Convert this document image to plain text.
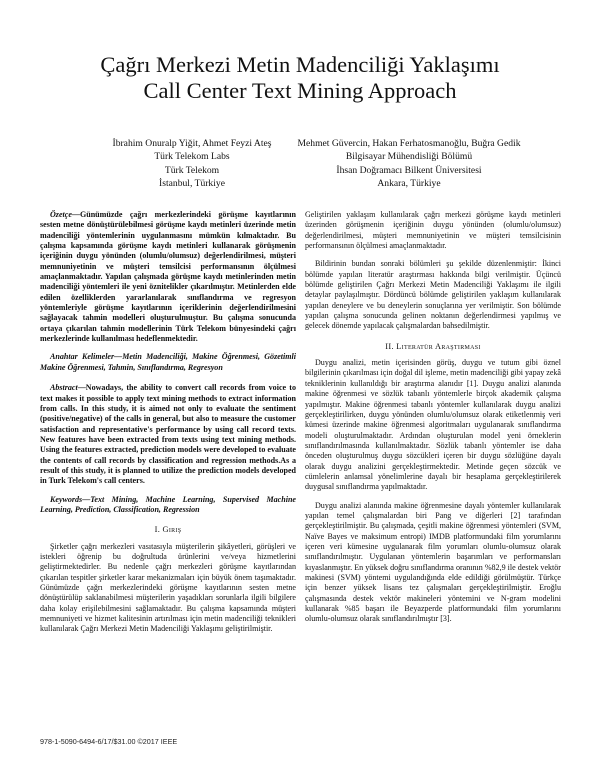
Çağrı Merkezi Metin Madenciliği Yaklaşımı
Call Center Text Mining Approach
İbrahim Onuralp Yiğit, Ahmet Feyzi Ateş
Türk Telekom Labs
Türk Telekom
İstanbul, Türkiye
Mehmet Güvercin, Hakan Ferhatosmanoğlu, Buğra Gedik
Bilgisayar Mühendisliği Bölümü
İhsan Doğramacı Bilkent Üniversitesi
Ankara, Türkiye

Özetçe—Günümüzde çağrı merkezlerindeki görüşme kayıtlarının sesten metne dönüştürülebilmesi görüşme kaydı metinleri üzerinde metin madenciliği yöntemlerinin uygulanmasını mümkün kılmaktadır. Bu çalışma kapsamında görüşme kaydı metinleri kullanarak görüşmenin içeriğinin duygu yönünden (olumlu/olumsuz) değerlendirilmesi, müşteri memnuniyetinin ve müşteri temsilcisi performansının ölçülmesi amaçlanmaktadır. Yapılan çalışmada görüşme kaydı metinlerinden metin madenciliği yöntemleri ile yeni öznitelikler çıkarılmıştır. Metinlerden elde edilen özelliklerden yararlanılarak sınıflandırma ve regresyon yöntemleriyle görüşme kayıtlarının içeriklerinin değerlendirilmesini sağlayacak tahmin modelleri oluşturulmuştur. Bu çalışma sonucunda ortaya çıkarılan tahmin modellerinin Türk Telekom bünyesindeki çağrı merkezlerinde kullanılması hedeflenmektedir.

Anahtar Kelimeler—Metin Madenciliği, Makine Öğrenmesi, Gözetimli Makine Öğrenmesi, Tahmin, Sınıflandırma, Regresyon

Abstract—Nowadays, the ability to convert call records from voice to text makes it possible to apply text mining methods to extract information from calls. In this study, it is aimed not only to evaluate the sentiment (positive/negative) of the calls in general, but also to measure the customer satisfaction and representative's performance by using call record texts. New features have been extracted from texts using text mining methods. Using the features extracted, prediction models were developed to evaluate the contents of call records by classification and regression methods.As a result of this study, it is planned to utilize the prediction models developed in Turk Telekom's call centers.

Keywords—Text Mining, Machine Learning, Supervised Machine Learning, Prediction, Classification, Regression

I. Giriş

Şirketler çağrı merkezleri vasıtasıyla müşterilerin şikâyetleri, görüşleri ve istekleri öğrenip bu doğrultuda ürünlerini ve/veya hizmetlerini geliştirmektedirler. Bu nedenle çağrı merkezleri görüşme kayıtlarından çıkarılan tespitler şirketler karar mekanizmaları için büyük önem taşımaktadır. Günümüzde çağrı merkezlerindeki görüşme kayıtlarının sesten metne dönüştürülüp saklanabilmesi müşterilerin yaşadıkları sorunlarla ilgili bilgilere daha kolay erişilebilmesini sağlamaktadır. Bu çalışma kapsamında müşteri memnuniyeti ve hizmet kalitesinin artırılması için metin madenciliği teknikleri kullanılarak Çağrı Merkezi Metin Madenciliği Yaklaşımı geliştirilmiştir.

Geliştirilen yaklaşım kullanılarak çağrı merkezi görüşme kaydı metinleri üzerinden görüşmenin içeriğinin duygu yönünden (olumlu/olumsuz) değerlendirilmesi, müşteri memnuniyetinin ve müşteri temsilcisinin performansının ölçülmesi amaçlanmaktadır.

Bildirinin bundan sonraki bölümleri şu şekilde düzenlenmiştir: İkinci bölümde yapılan literatür araştırması hakkında bilgi verilmiştir. Üçüncü bölümde geliştirilen Çağrı Merkezi Metin Madenciliği Yaklaşımı ile ilgili detaylar paylaşılmıştır. Dördüncü bölümde geliştirilen yaklaşım kullanılarak yapılan deneylere ve bu deneylerin sonuçlarına yer verilmiştir. Son bölümde yapılan çalışma sonucunda gelinen noktanın değerlendirmesi yapılmış ve gelecek dönemde yapılacak çalışmalardan bahsedilmiştir.

II. Literatür Araştırması

Duygu analizi, metin içerisinden görüş, duygu ve tutum gibi öznel bilgilerinin çıkarılması için doğal dil işleme, metin madenciliği gibi yapay zekâ tekniklerinin kullanıldığı bir araştırma alanıdır [1]. Duygu analizi alanında makine öğrenmesi ve sözlük tabanlı yöntemlerle birçok akademik çalışma yapılmıştır. Makine öğrenmesi tabanlı yöntemler kullanılarak duygu analizi gerçekleştirilirken, duygu yönünden olumlu/olumsuz olarak etiketlenmiş veri kümesi üzerinde makine öğrenmesi algoritmaları uygulanarak sınıflandırma modeli oluşturulmaktadır. Ardından oluşturulan model yeni örneklerin sınıflandırılmasında kullanılmaktadır. Sözlük tabanlı yöntemler ise daha önceden oluşturulmuş duygu sözcükleri içeren bir duygu sözlüğüne dayalı olarak duygu analizini gerçekleştirmektedir. Metinde geçen sözcük ve cümlelerin anlamsal yönelimlerine dayalı bir hesaplama gerçekleştirilerek duygusal sınıflandırma yapılmaktadır.

Duygu analizi alanında makine öğrenmesine dayalı yöntemler kullanılarak yapılan temel çalışmalardan biri Pang ve diğerleri [2] tarafından gerçekleştirilmiştir. Bu çalışmada, çeşitli makine öğrenmesi yöntemleri (SVM, Naïve Bayes ve maksimum entropi) IMDB platformundaki film yorumlarını içeren veri kümesine uygulanarak film yorumları olumlu-olumsuz olarak sınıflandırılmıştır. Uygulanan yöntemlerin başarımları ve performansları kıyaslanmıştır. En yüksek doğru sınıflandırma oranının %82,9 ile destek vektör makinesi (SVM) yöntemi uygulandığında elde edildiği görülmüştür. Türkçe için benzer yüksek lisans tez çalışmaları gerçekleştirilmiştir. Eroğlu çalışmasında destek vektör makineleri yöntemini ve N-gram modelini kullanarak %85 başarı ile Beyazperde platformundaki film yorumlarını olumlu-olumsuz olarak sınıflandırılmıştır [3].

978-1-5090-6494-6/17/$31.00 ©2017 IEEE
